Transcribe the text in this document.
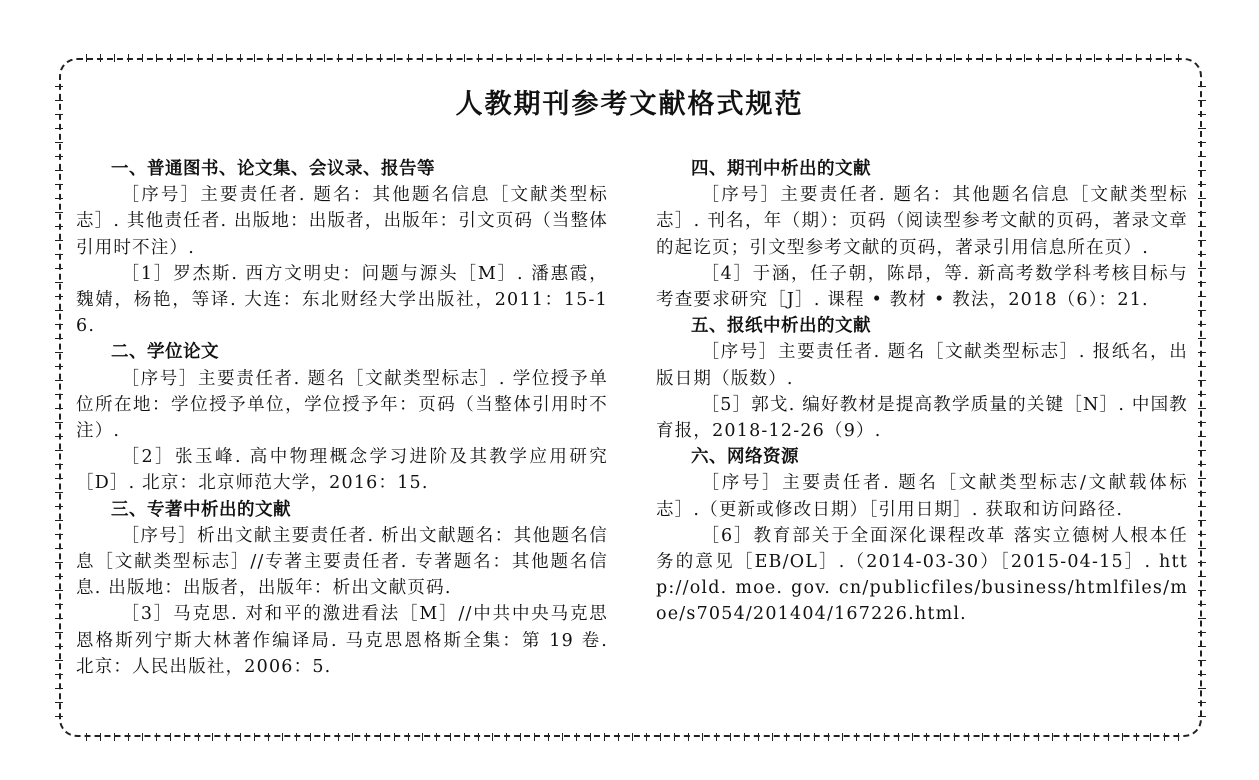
人教期刊参考文献格式规范
一、普通图书、论文集、会议录、报告等

［序号］主要责任者. 题名：其他题名信息［文献类型标志］. 其他责任者. 出版地：出版者，出版年：引文页码（当整体引用时不注）.

［1］罗杰斯. 西方文明史：问题与源头［M］. 潘惠霞，魏婧，杨艳，等译. 大连：东北财经大学出版社，2011：15-16.

二、学位论文

［序号］主要责任者. 题名［文献类型标志］. 学位授予单位所在地：学位授予单位，学位授予年：页码（当整体引用时不注）.

［2］张玉峰. 高中物理概念学习进阶及其教学应用研究［D］. 北京：北京师范大学，2016：15.

三、专著中析出的文献

［序号］析出文献主要责任者. 析出文献题名：其他题名信息［文献类型标志］//专著主要责任者. 专著题名：其他题名信息. 出版地：出版者，出版年：析出文献页码.

［3］马克思. 对和平的激进看法［M］//中共中央马克思恩格斯列宁斯大林著作编译局. 马克思恩格斯全集：第 19 卷. 北京：人民出版社，2006：5.

四、期刊中析出的文献

［序号］主要责任者. 题名：其他题名信息［文献类型标志］. 刊名，年（期）：页码（阅读型参考文献的页码，著录文章的起讫页；引文型参考文献的页码，著录引用信息所在页）.

［4］于涵，任子朝，陈昂，等. 新高考数学科考核目标与考查要求研究［J］. 课程 • 教材 • 教法，2018（6）：21.

五、报纸中析出的文献

［序号］主要责任者. 题名［文献类型标志］. 报纸名，出版日期（版数）.

［5］郭戈. 编好教材是提高教学质量的关键［N］. 中国教育报，2018-12-26（9）.

六、网络资源

［序号］主要责任者. 题名［文献类型标志/文献载体标志］.（更新或修改日期）［引用日期］. 获取和访问路径.

［6］教育部关于全面深化课程改革 落实立德树人根本任务的意见［EB/OL］.（2014-03-30）［2015-04-15］. http://old. moe. gov. cn/publicfiles/business/htmlfiles/moe/s7054/201404/167226.html.
